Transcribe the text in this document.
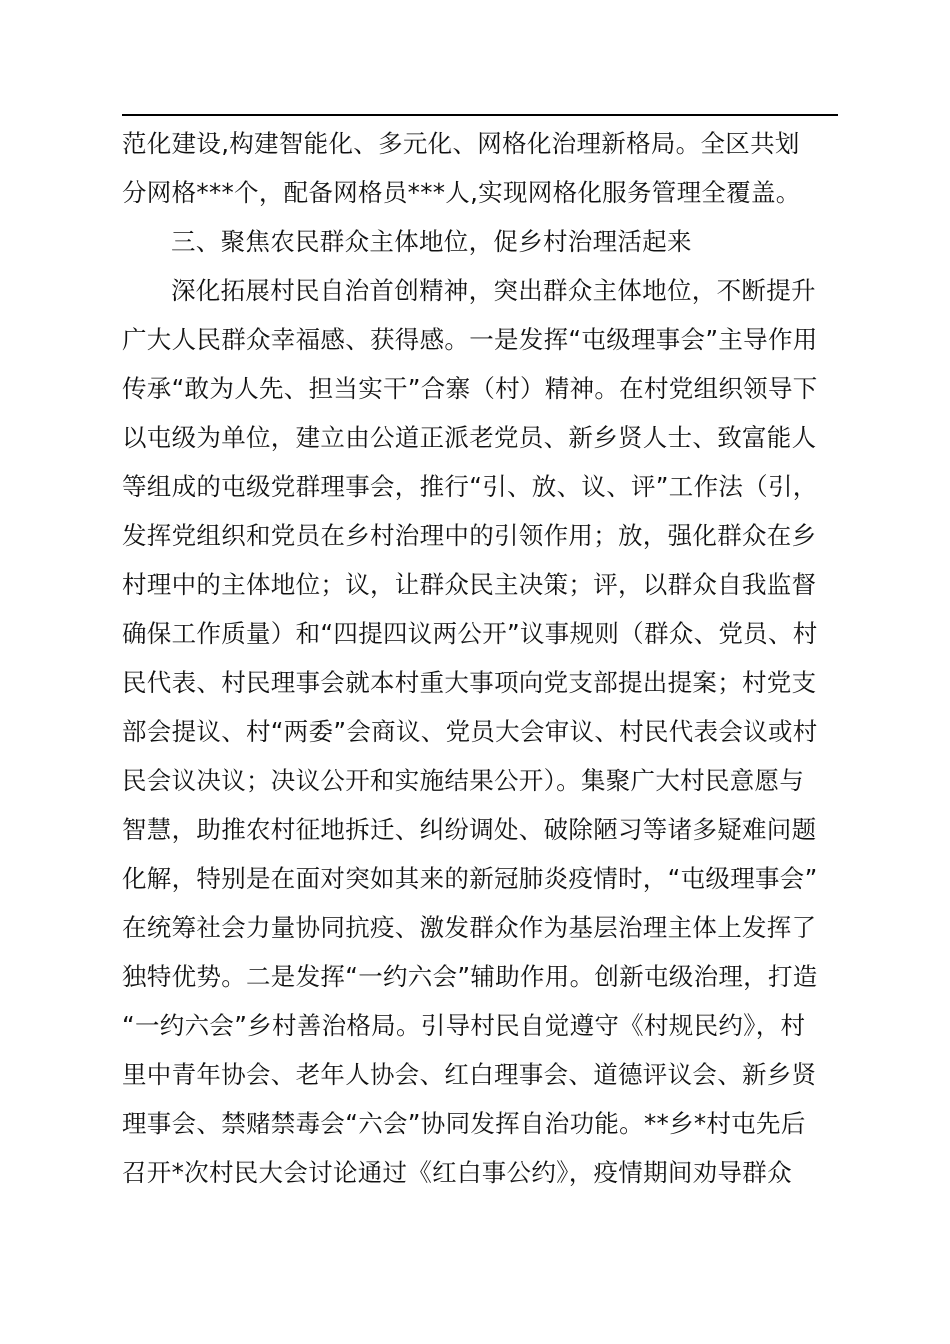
范化建设,构建智能化、多元化、网格化治理新格局。全区共划
分网格***个，配备网格员***人,实现网格化服务管理全覆盖。
三、聚焦农民群众主体地位，促乡村治理活起来
深化拓展村民自治首创精神，突出群众主体地位，不断提升
广大人民群众幸福感、获得感。一是发挥“屯级理事会”主导作用
传承“敢为人先、担当实干”合寨（村）精神。在村党组织领导下
以屯级为单位，建立由公道正派老党员、新乡贤人士、致富能人
等组成的屯级党群理事会，推行“引、放、议、评”工作法（引，
发挥党组织和党员在乡村治理中的引领作用；放，强化群众在乡
村理中的主体地位；议，让群众民主决策；评，以群众自我监督
确保工作质量）和“四提四议两公开”议事规则（群众、党员、村
民代表、村民理事会就本村重大事项向党支部提出提案；村党支
部会提议、村“两委”会商议、党员大会审议、村民代表会议或村
民会议决议；决议公开和实施结果公开）。集聚广大村民意愿与
智慧，助推农村征地拆迁、纠纷调处、破除陋习等诸多疑难问题
化解，特别是在面对突如其来的新冠肺炎疫情时，“屯级理事会”
在统筹社会力量协同抗疫、激发群众作为基层治理主体上发挥了
独特优势。二是发挥“一约六会”辅助作用。创新屯级治理，打造
“一约六会”乡村善治格局。引导村民自觉遵守《村规民约》，村
里中青年协会、老年人协会、红白理事会、道德评议会、新乡贤
理事会、禁赌禁毒会“六会”协同发挥自治功能。**乡*村屯先后
召开*次村民大会讨论通过《红白事公约》，疫情期间劝导群众
